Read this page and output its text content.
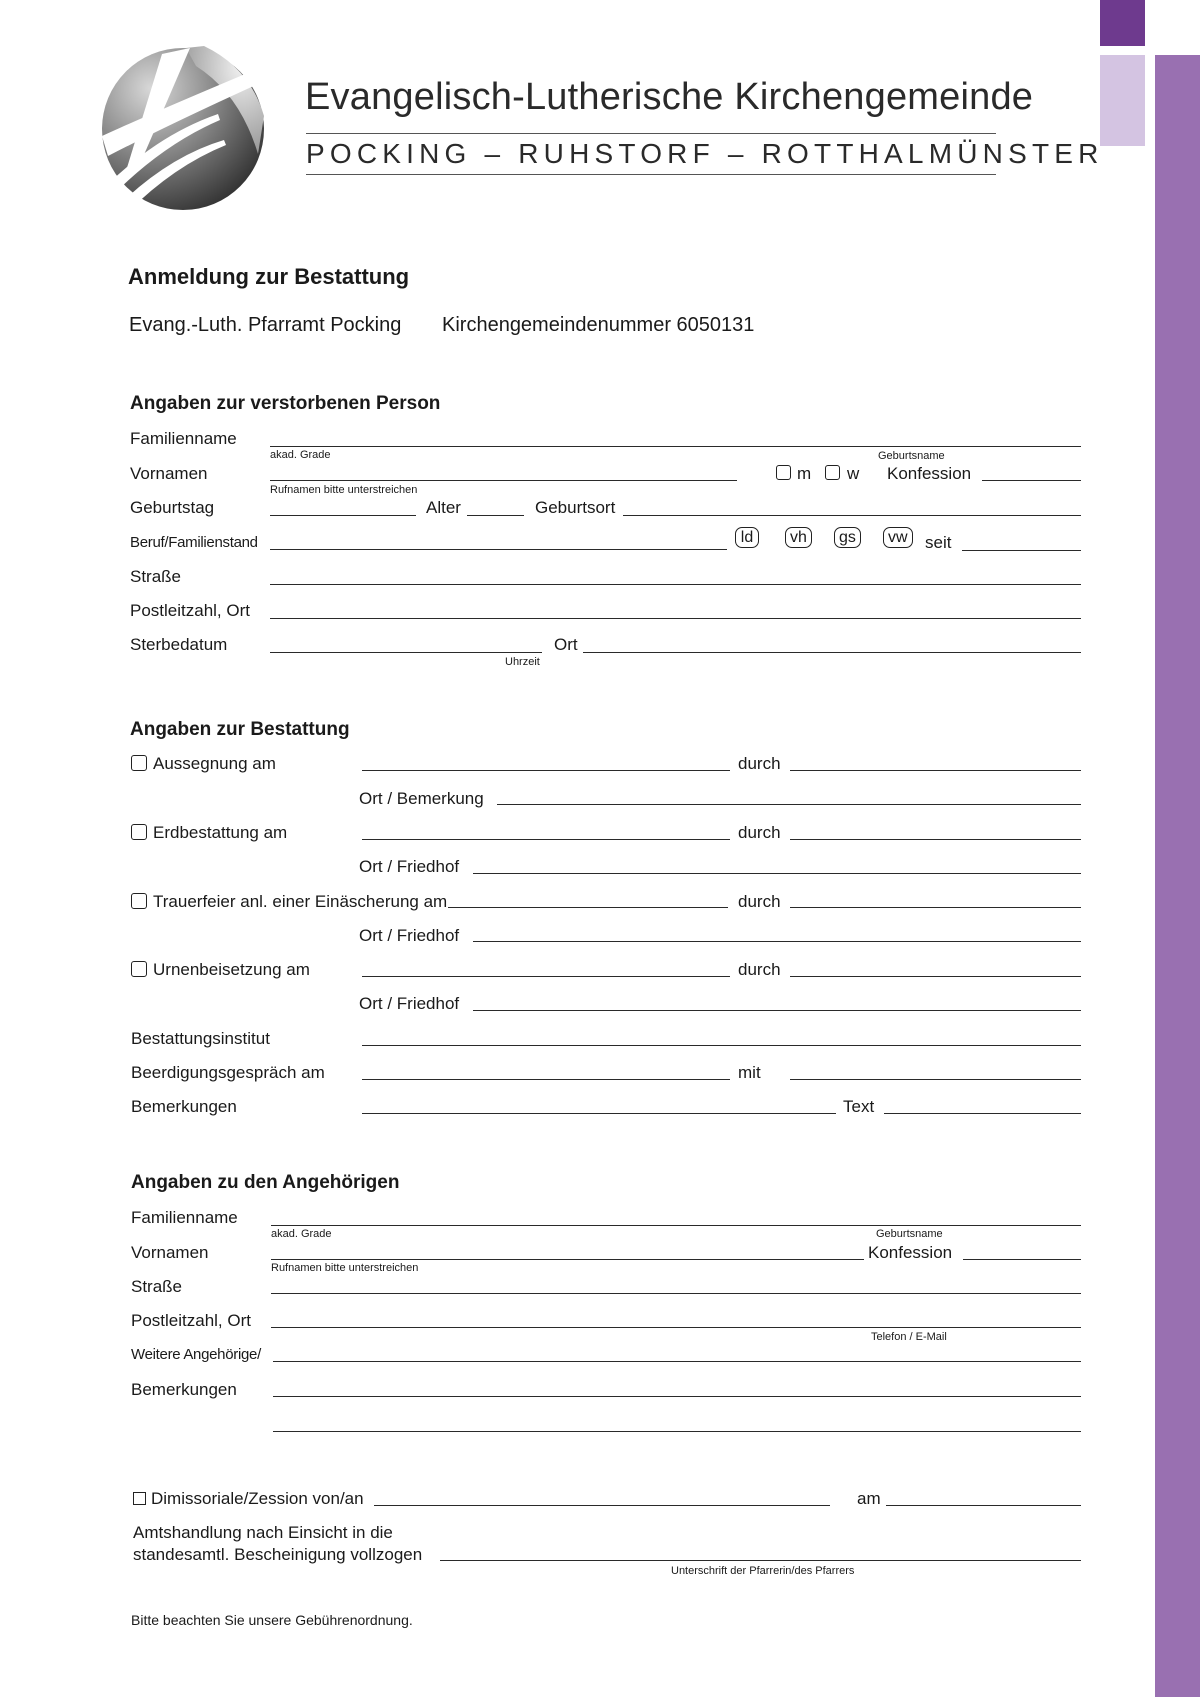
Evangelisch-Lutherische Kirchengemeinde
POCKING – RUHSTORF – ROTTHALMÜNSTER
Anmeldung zur Bestattung
Evang.-Luth. Pfarramt Pocking Kirchengemeindenummer 6050131
Angaben zur verstorbenen Person
Familienname
akad. Grade	Geburtsname
Vornamen	m w Konfession
Rufnamen bitte unterstreichen
Geburtstag	Alter	Geburtsort
Beruf/Familienstand	ld	vh	gs	vw seit
Straße
Postleitzahl, Ort
Sterbedatum
Uhrzeit
Ort
Angaben zur Bestattung
Aussegnung am	durch
Ort / Bemerkung
Erdbestattung am	durch
Ort / Friedhof
Trauerfeier anl. einer Einäscherung am	durch
Ort / Friedhof
Urnenbeisetzung am	durch
Ort / Friedhof
Bestattungsinstitut
Beerdigungsgespräch am	mit
Bemerkungen	Text
Angaben zu den Angehörigen
Familienname
akad. Grade	Geburtsname
Vornamen	Konfession
Rufnamen bitte unterstreichen
Straße
Postleitzahl, Ort
Telefon / E-Mail
Weitere Angehörige/
Bemerkungen
Dimissoriale/Zession von/an	am
Amtshandlung nach Einsicht in die
standesamtl. Bescheinigung vollzogen
Unterschrift der Pfarrerin/des Pfarrers
Bitte beachten Sie unsere Gebührenordnung.
